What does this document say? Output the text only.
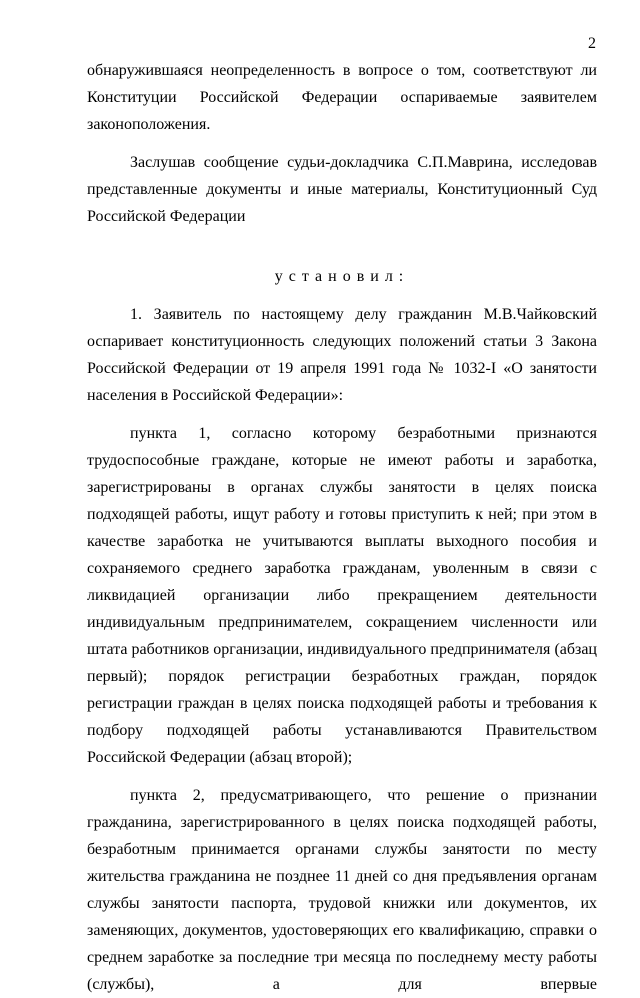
2

обнаружившаяся неопределенность в вопросе о том, соответствуют ли Конституции Российской Федерации оспариваемые заявителем законоположения.

Заслушав сообщение судьи-докладчика С.П.Маврина, исследовав представленные документы и иные материалы, Конституционный Суд Российской Федерации

установил:

1. Заявитель по настоящему делу гражданин М.В.Чайковский оспаривает конституционность следующих положений статьи 3 Закона Российской Федерации от 19 апреля 1991 года № 1032-I «О занятости населения в Российской Федерации»:

пункта 1, согласно которому безработными признаются трудоспособные граждане, которые не имеют работы и заработка, зарегистрированы в органах службы занятости в целях поиска подходящей работы, ищут работу и готовы приступить к ней; при этом в качестве заработка не учитываются выплаты выходного пособия и сохраняемого среднего заработка гражданам, уволенным в связи с ликвидацией организации либо прекращением деятельности индивидуальным предпринимателем, сокращением численности или штата работников организации, индивидуального предпринимателя (абзац первый); порядок регистрации безработных граждан, порядок регистрации граждан в целях поиска подходящей работы и требования к подбору подходящей работы устанавливаются Правительством Российской Федерации (абзац второй);

пункта 2, предусматривающего, что решение о признании гражданина, зарегистрированного в целях поиска подходящей работы, безработным принимается органами службы занятости по месту жительства гражданина не позднее 11 дней со дня предъявления органам службы занятости паспорта, трудовой книжки или документов, их заменяющих, документов, удостоверяющих его квалификацию, справки о среднем заработке за последние три месяца по последнему месту работы (службы), а для впервые
